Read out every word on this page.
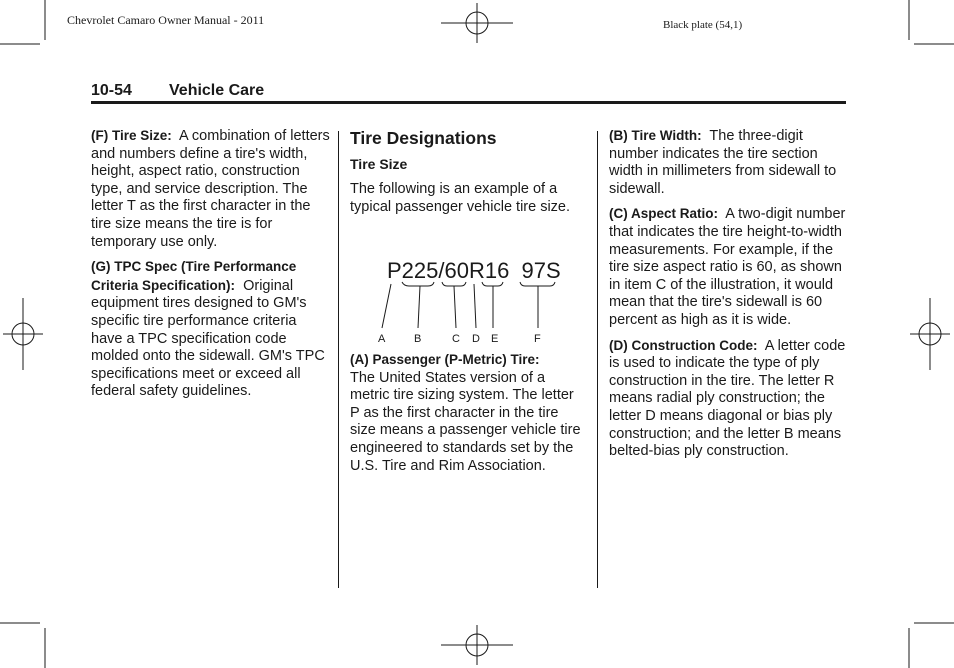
Chevrolet Camaro Owner Manual - 2011	Black plate (54,1)
10-54 Vehicle Care

(F) Tire Size: A combination of letters and numbers define a tire's width, height, aspect ratio, construction type, and service description. The letter T as the first character in the tire size means the tire is for temporary use only.

(G) TPC Spec (Tire Performance Criteria Specification): Original equipment tires designed to GM's specific tire performance criteria have a TPC specification code molded onto the sidewall. GM's TPC specifications meet or exceed all federal safety guidelines.

Tire Designations
Tire Size

The following is an example of a typical passenger vehicle tire size.

P225/60R16  97S
A	B	C D E	F

(A) Passenger (P-Metric) Tire:
The United States version of a metric tire sizing system. The letter P as the first character in the tire size means a passenger vehicle tire engineered to standards set by the U.S. Tire and Rim Association.

(B) Tire Width: The three-digit number indicates the tire section width in millimeters from sidewall to sidewall.

(C) Aspect Ratio: A two-digit number that indicates the tire height-to-width measurements. For example, if the tire size aspect ratio is 60, as shown in item C of the illustration, it would mean that the tire's sidewall is 60 percent as high as it is wide.

(D) Construction Code: A letter code is used to indicate the type of ply construction in the tire. The letter R means radial ply construction; the letter D means diagonal or bias ply construction; and the letter B means belted-bias ply construction.
